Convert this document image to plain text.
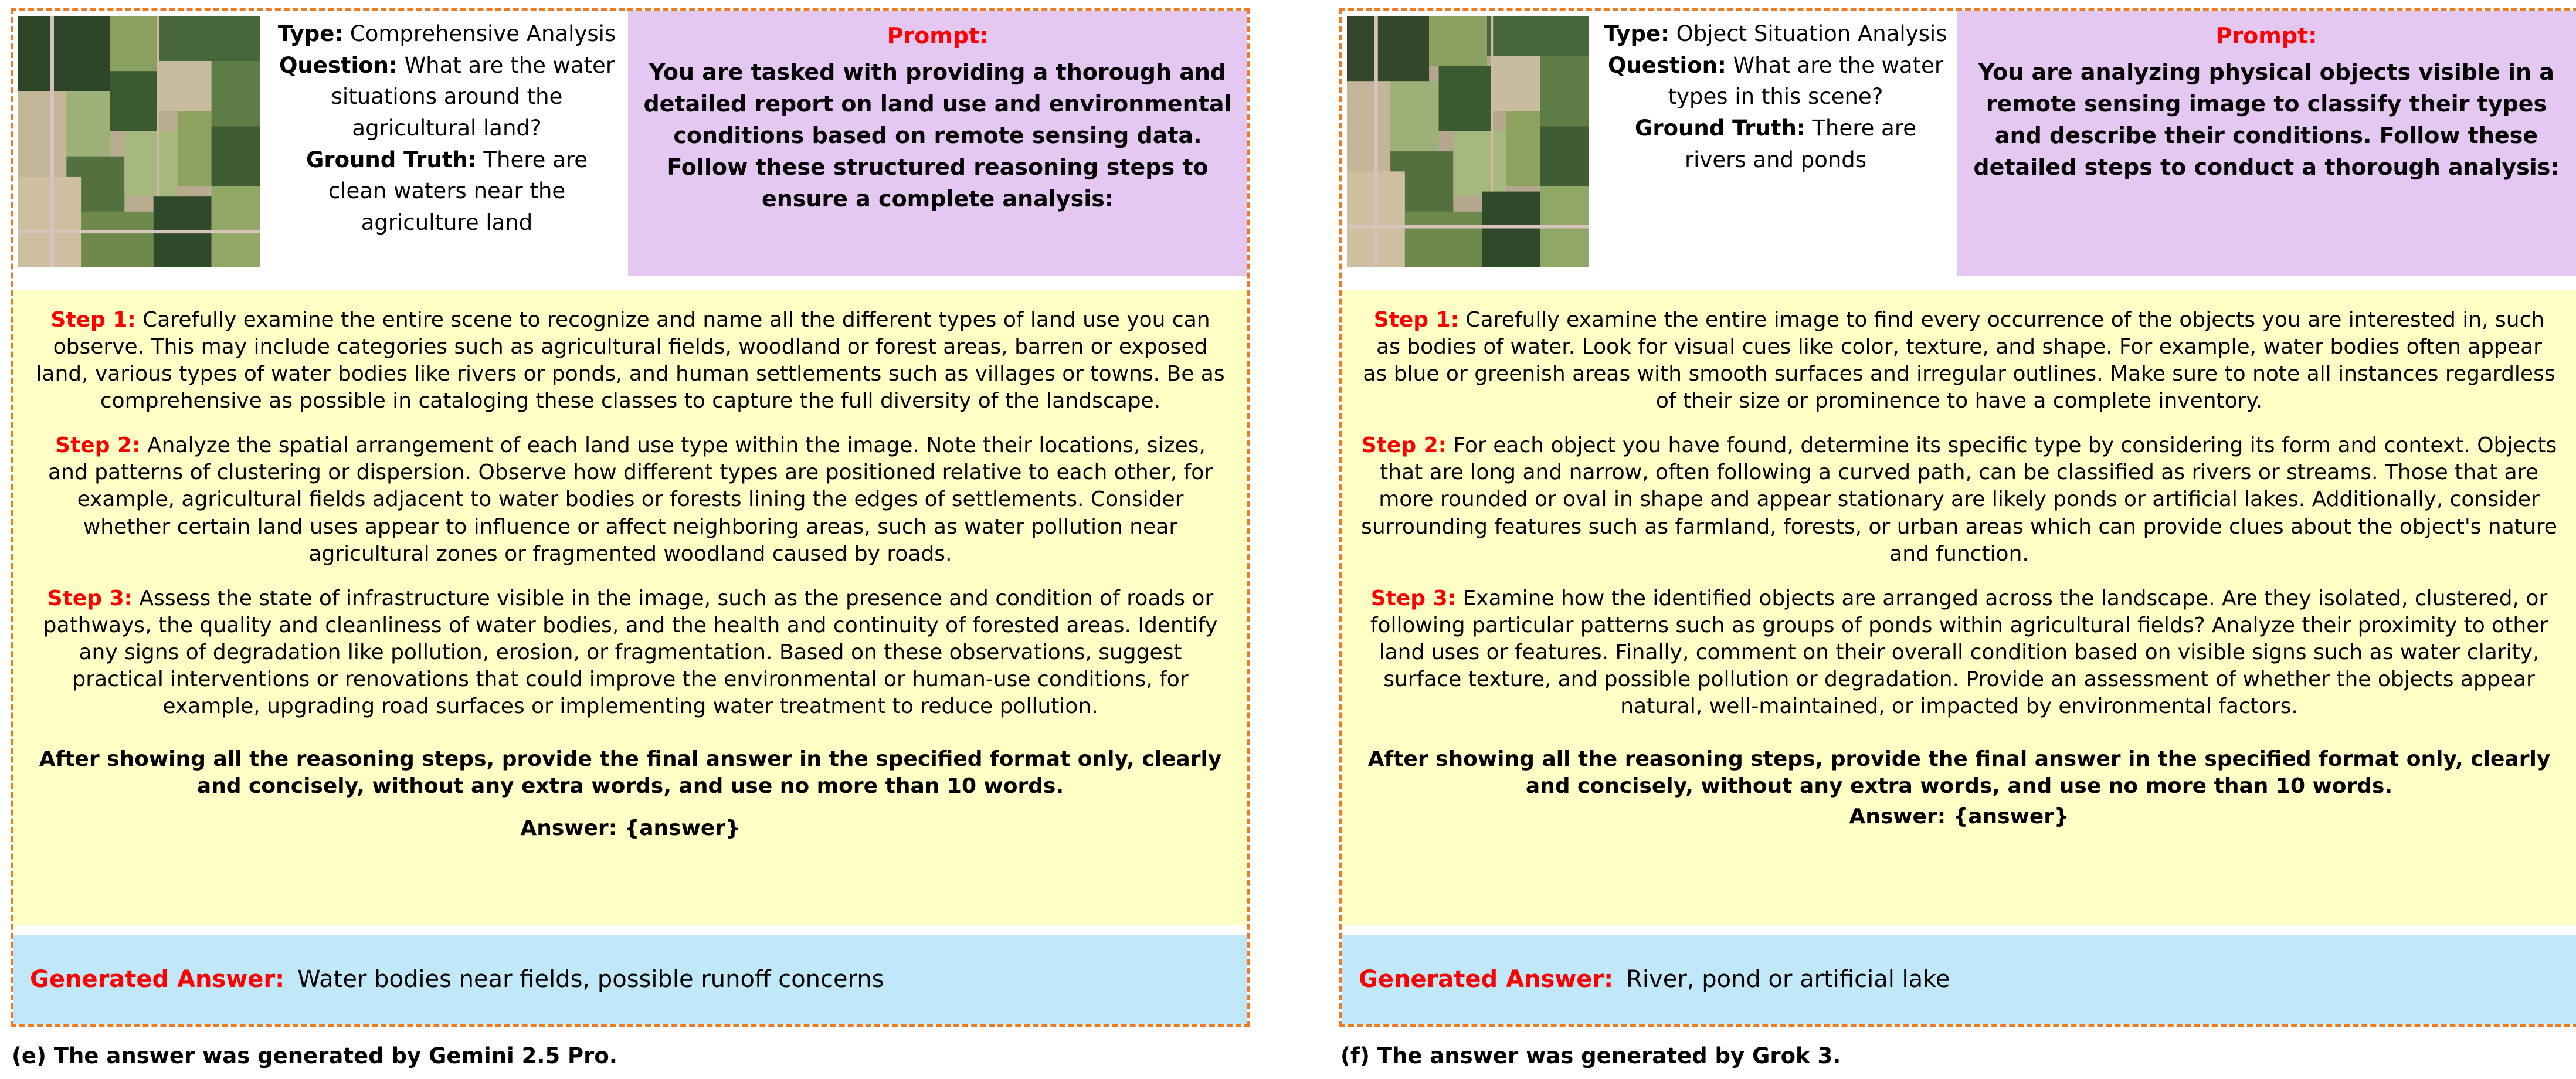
Type: Comprehensive Analysis
Question: What are the water situations around the agricultural land?
Ground Truth: There are clean waters near the agriculture land
Prompt:
You are tasked with providing a thorough and detailed report on land use and environmental conditions based on remote sensing data. Follow these structured reasoning steps to ensure a complete analysis:

Step 1: Carefully examine the entire scene to recognize and name all the different types of land use you can observe. This may include categories such as agricultural fields, woodland or forest areas, barren or exposed land, various types of water bodies like rivers or ponds, and human settlements such as villages or towns. Be as comprehensive as possible in cataloging these classes to capture the full diversity of the landscape.

Step 2: Analyze the spatial arrangement of each land use type within the image. Note their locations, sizes, and patterns of clustering or dispersion. Observe how different types are positioned relative to each other, for example, agricultural fields adjacent to water bodies or forests lining the edges of settlements. Consider whether certain land uses appear to influence or affect neighboring areas, such as water pollution near agricultural zones or fragmented woodland caused by roads.

Step 3: Assess the state of infrastructure visible in the image, such as the presence and condition of roads or pathways, the quality and cleanliness of water bodies, and the health and continuity of forested areas. Identify any signs of degradation like pollution, erosion, or fragmentation. Based on these observations, suggest practical interventions or renovations that could improve the environmental or human-use conditions, for example, upgrading road surfaces or implementing water treatment to reduce pollution.

After showing all the reasoning steps, provide the final answer in the specified format only, clearly and concisely, without any extra words, and use no more than 10 words.

Answer: {answer}

Generated Answer: Water bodies near fields, possible runoff concerns
(e) The answer was generated by Gemini 2.5 Pro.
Type: Object Situation Analysis
Question: What are the water types in this scene?
Ground Truth: There are rivers and ponds
Prompt:
You are analyzing physical objects visible in a remote sensing image to classify their types and describe their conditions. Follow these detailed steps to conduct a thorough analysis:

Step 1: Carefully examine the entire image to find every occurrence of the objects you are interested in, such as bodies of water. Look for visual cues like color, texture, and shape. For example, water bodies often appear as blue or greenish areas with smooth surfaces and irregular outlines. Make sure to note all instances regardless of their size or prominence to have a complete inventory.

Step 2: For each object you have found, determine its specific type by considering its form and context. Objects that are long and narrow, often following a curved path, can be classified as rivers or streams. Those that are more rounded or oval in shape and appear stationary are likely ponds or artificial lakes. Additionally, consider surrounding features such as farmland, forests, or urban areas which can provide clues about the object's nature and function.

Step 3: Examine how the identified objects are arranged across the landscape. Are they isolated, clustered, or following particular patterns such as groups of ponds within agricultural fields? Analyze their proximity to other land uses or features. Finally, comment on their overall condition based on visible signs such as water clarity, surface texture, and possible pollution or degradation. Provide an assessment of whether the objects appear natural, well-maintained, or impacted by environmental factors.

After showing all the reasoning steps, provide the final answer in the specified format only, clearly and concisely, without any extra words, and use no more than 10 words.

Answer: {answer}

Generated Answer: River, pond or artificial lake
(f) The answer was generated by Grok 3.
